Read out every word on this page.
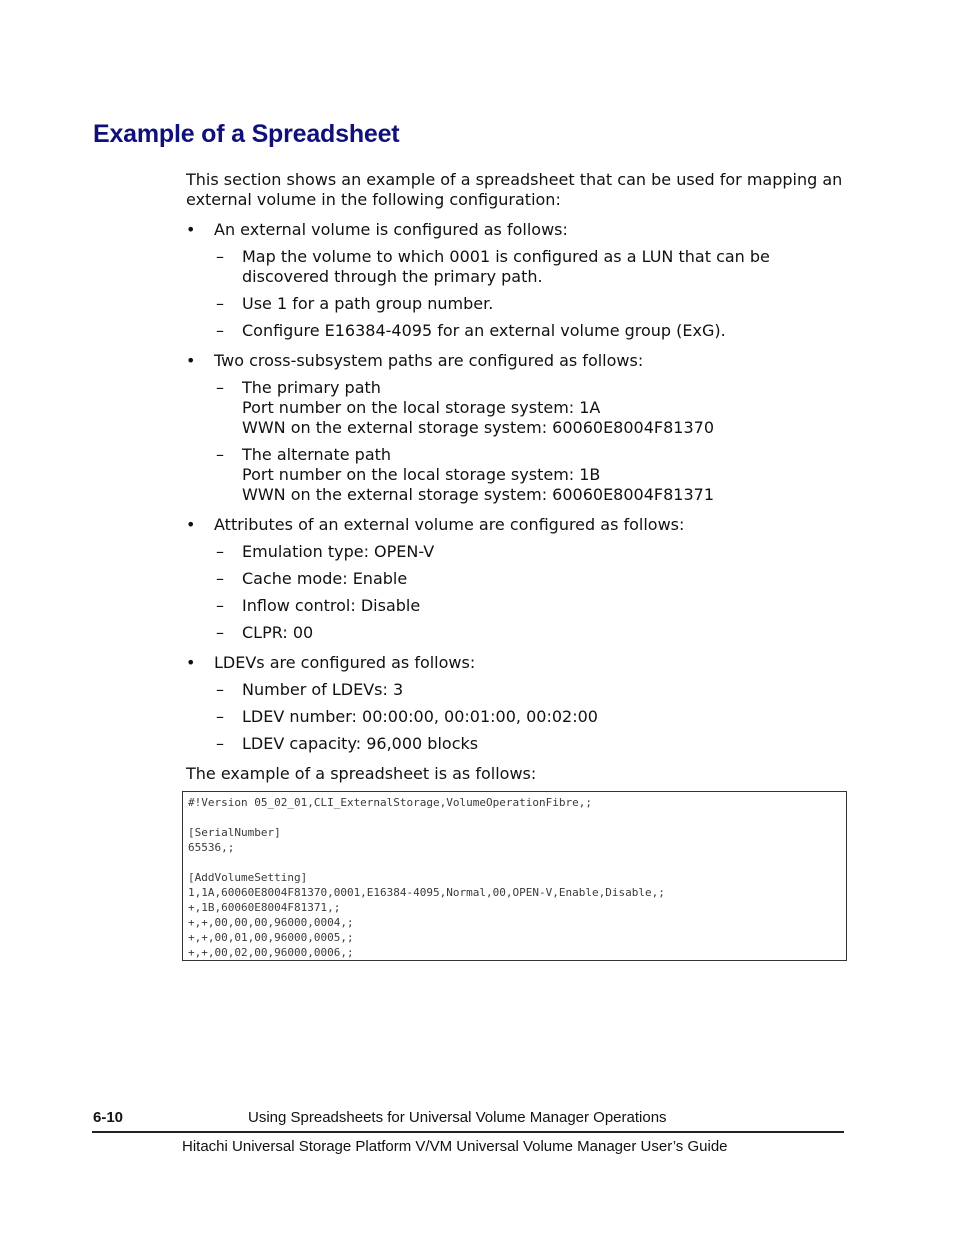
Example of a Spreadsheet

This section shows an example of a spreadsheet that can be used for mapping an external volume in the following configuration:

• An external volume is configured as follows:
– Map the volume to which 0001 is configured as a LUN that can be discovered through the primary path.
– Use 1 for a path group number.
– Configure E16384-4095 for an external volume group (ExG).
• Two cross-subsystem paths are configured as follows:
– The primary path
Port number on the local storage system: 1A
WWN on the external storage system: 60060E8004F81370
– The alternate path
Port number on the local storage system: 1B
WWN on the external storage system: 60060E8004F81371
• Attributes of an external volume are configured as follows:
– Emulation type: OPEN-V
– Cache mode: Enable
– Inflow control: Disable
– CLPR: 00
• LDEVs are configured as follows:
– Number of LDEVs: 3
– LDEV number: 00:00:00, 00:01:00, 00:02:00
– LDEV capacity: 96,000 blocks
The example of a spreadsheet is as follows:
#!Version 05_02_01,CLI_ExternalStorage,VolumeOperationFibre,;
[SerialNumber]
65536,;
[AddVolumeSetting]
1,1A,60060E8004F81370,0001,E16384-4095,Normal,00,OPEN-V,Enable,Disable,;
+,1B,60060E8004F81371,;
+,+,00,00,00,96000,0004,;
+,+,00,01,00,96000,0005,;
+,+,00,02,00,96000,0006,;
6-10	Using Spreadsheets for Universal Volume Manager Operations
Hitachi Universal Storage Platform V/VM Universal Volume Manager User’s Guide
